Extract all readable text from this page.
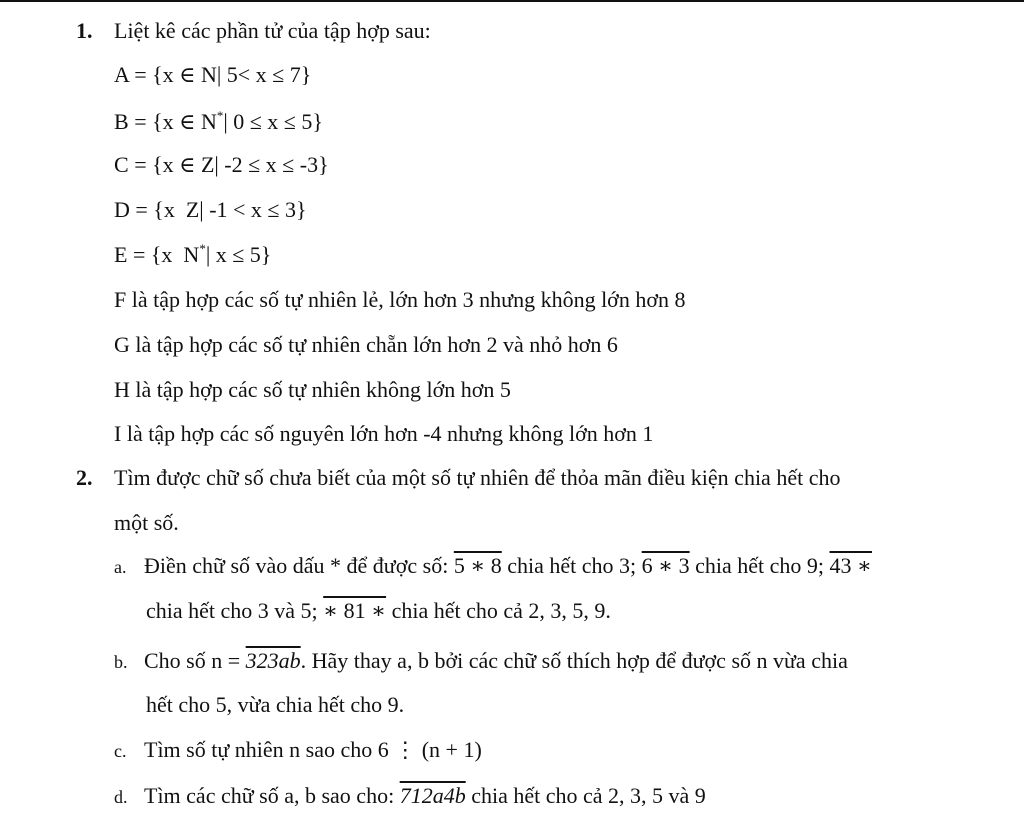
1. Liệt kê các phần tử của tập hợp sau:
A = {x ∈ N| 5< x ≤ 7}
B = {x ∈ N*| 0 ≤ x ≤ 5}
C = {x ∈ Z| -2 ≤ x ≤ -3}
D = {x  Z| -1 < x ≤ 3}
E = {x  N*| x ≤ 5}
F là tập hợp các số tự nhiên lẻ, lớn hơn 3 nhưng không lớn hơn 8
G là tập hợp các số tự nhiên chẵn lớn hơn 2 và nhỏ hơn 6
H là tập hợp các số tự nhiên không lớn hơn 5
I là tập hợp các số nguyên lớn hơn -4 nhưng không lớn hơn 1
2. Tìm được chữ số chưa biết của một số tự nhiên để thỏa mãn điều kiện chia hết cho
một số.
a. Điền chữ số vào dấu * để được số: 5 ∗ 8 chia hết cho 3; 6 ∗ 3 chia hết cho 9; 43 ∗
chia hết cho 3 và 5; ∗ 81 ∗ chia hết cho cả 2, 3, 5, 9.
b. Cho số n = 323ab. Hãy thay a, b bởi các chữ số thích hợp để được số n vừa chia
hết cho 5, vừa chia hết cho 9.
c. Tìm số tự nhiên n sao cho 6 ⋮ (n + 1)
d. Tìm các chữ số a, b sao cho: 712a4b chia hết cho cả 2, 3, 5 và 9
